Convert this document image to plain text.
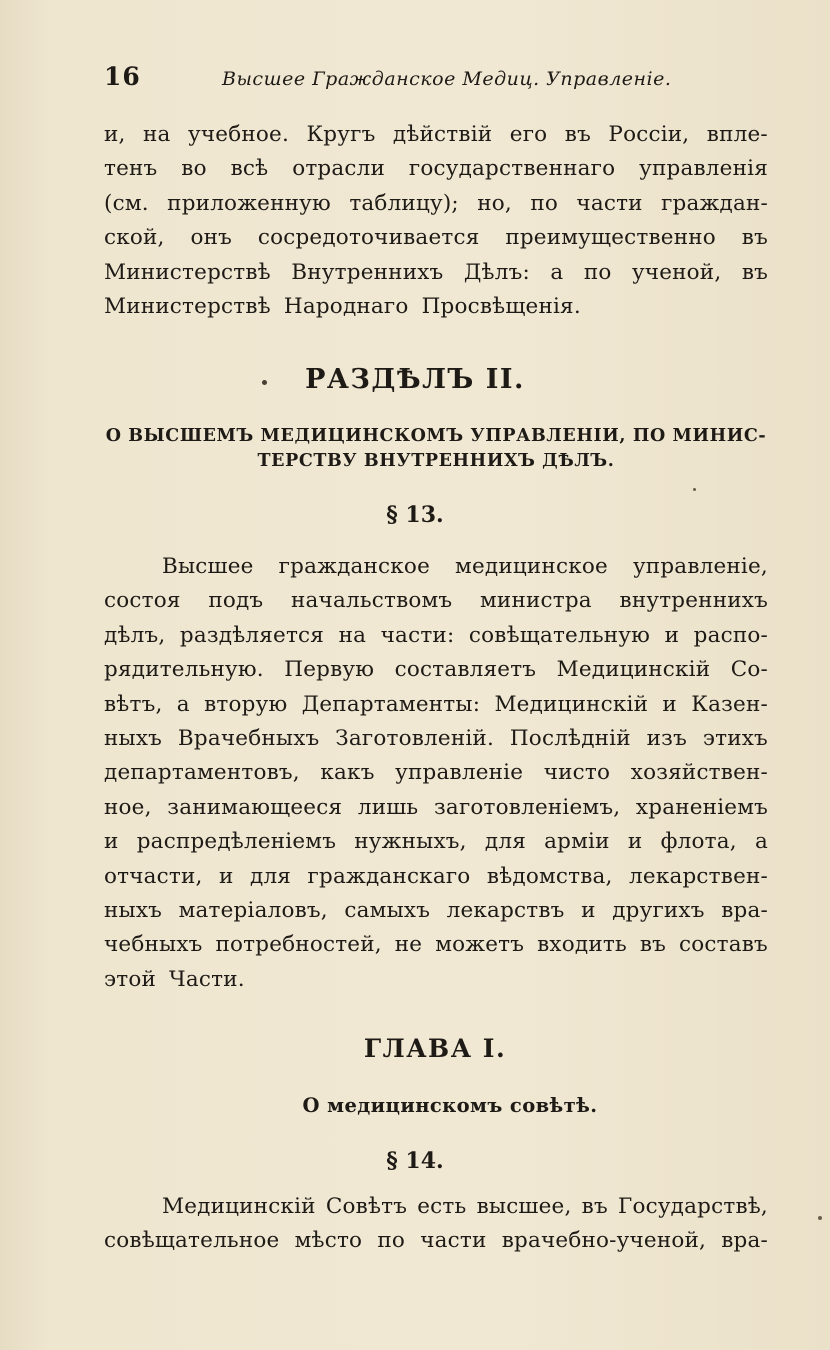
16	Высшее Гражданское Медиц. Управленіе.
и, на учебное. Кругъ дѣйствій его въ Россіи, вплe-
тенъ во всѣ отрасли государственнаго управленія
(см. приложенную таблицу); но, по части граждан-
ской, онъ сосредоточивается преимущественно въ
Министерствѣ Внутреннихъ Дѣлъ: а по ученой, въ
Министерствѣ Народнаго Просвѣщенія.
РАЗДѢЛЪ II.
О ВЫСШЕМЪ МЕДИЦИНСКОМЪ УПРАВЛЕНІИ, ПО МИНИС-
ТЕРСТВУ ВНУТРЕННИХЪ ДѢЛЪ.
§ 13.
Высшее гражданское медицинское управленіе,
состоя подъ начальствомъ министра внутреннихъ
дѣлъ, раздѣляется на части: совѣщательную и распо-
рядительную. Первую составляетъ Медицинскій Со-
вѣтъ, а вторую Департаменты: Медицинскій и Казен-
ныхъ Врачебныхъ Заготовленій. Послѣдній изъ этихъ
департаментовъ, какъ управленіе чисто хозяйствен-
ное, занимающееся лишь заготовленіемъ, храненіемъ
и распредѣленіемъ нужныхъ, для арміи и флота, а
отчасти, и для гражданскаго вѣдомства, лекарствен-
ныхъ матеріаловъ, самыхъ лекарствъ и другихъ вра-
чебныхъ потребностей, не можетъ входить въ составъ
этой Части.
ГЛАВА I.
О медицинскомъ совѣтѣ.
§ 14.
Медицинскій Совѣтъ есть высшее, въ Государствѣ,
совѣщательное мѣсто по части врачебно-ученой, вра-
